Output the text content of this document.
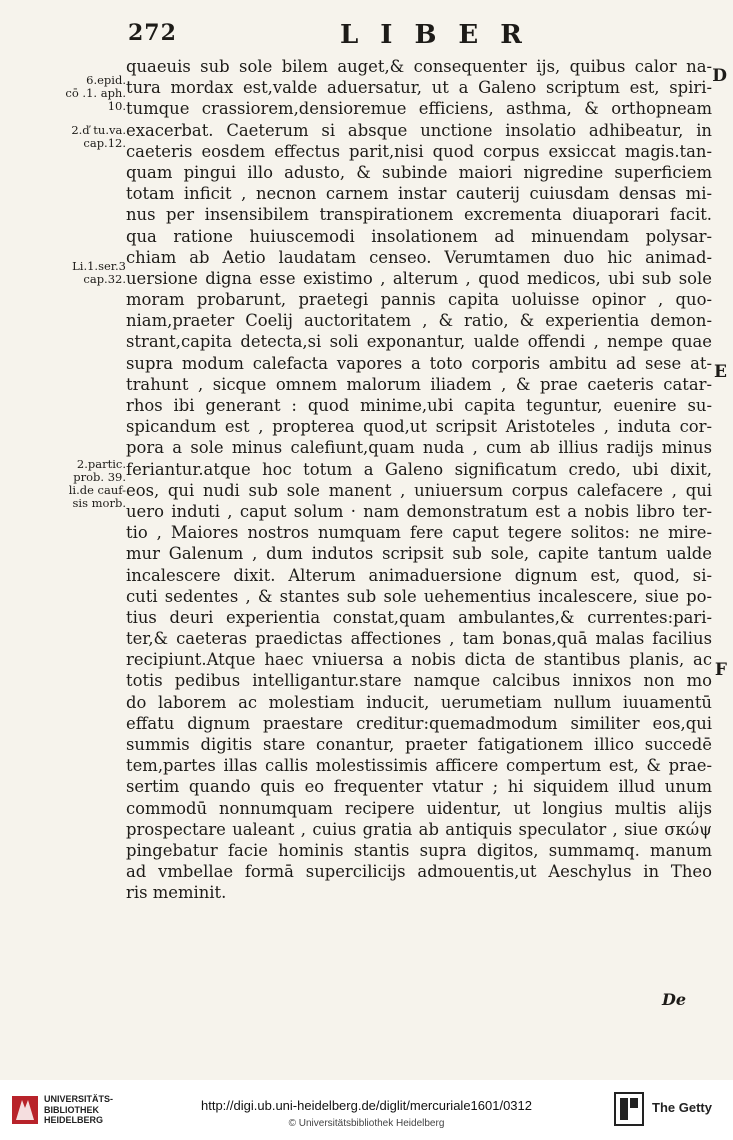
272	LIBER
6.epid.
cō .1. aph.
10.
2.ď tu.va.
cap.12.
Li.1.ser.3
cap.32.
2.partic.
prob. 39.
li.de cauf-
sis morb.
quaeuis sub sole bilem auget,& consequenter ijs, quibus calor na-
tura mordax est,valde aduersatur, ut a Galeno scriptum est, spiri-
tumque crassiorem,densioremue efficiens, asthma, & orthopneam
exacerbat. Caeterum si absque unctione insolatio adhibeatur, in
caeteris eosdem effectus parit,nisi quod corpus exsiccat magis.tan-
quam pingui illo adusto, & subinde maiori nigredine superficiem
totam inficit , necnon carnem instar cauterij cuiusdam densas mi-
nus per insensibilem transpirationem excrementa diuaporari facit.
qua ratione huiuscemodi insolationem ad minuendam polysar-
chiam ab Aetio laudatam censeo. Verumtamen duo hic animad-
uersione digna esse existimo , alterum , quod medicos, ubi sub sole
moram probarunt, praetegi pannis capita uoluisse opinor , quo-
niam,praeter Coelij auctoritatem , & ratio, & experientia demon-
strant,capita detecta,si soli exponantur, ualde offendi , nempe quae
supra modum calefacta vapores a toto corporis ambitu ad sese at-
trahunt , sicque omnem malorum iliadem , & prae caeteris catar-
rhos ibi generant : quod minime,ubi capita teguntur, euenire su-
spicandum est , propterea quod,ut scripsit Aristoteles , induta cor-
pora a sole minus calefiunt,quam nuda , cum ab illius radijs minus
feriantur.atque hoc totum a Galeno significatum credo, ubi dixit,
eos, qui nudi sub sole manent , uniuersum corpus calefacere , qui
uero induti , caput solum · nam demonstratum est a nobis libro ter-
tio , Maiores nostros numquam fere caput tegere solitos: ne mire-
mur Galenum , dum indutos scripsit sub sole, capite tantum ualde
incalescere dixit. Alterum animaduersione dignum est, quod, si-
cuti sedentes , & stantes sub sole uehementius incalescere, siue po-
tius deuri experientia constat,quam ambulantes,& currentes:pari-
ter,& caeteras praedictas affectiones , tam bonas,quā malas facilius
recipiunt.Atque haec vniuersa a nobis dicta de stantibus planis, ac
totis pedibus intelligantur.stare namque calcibus innixos non mo
do laborem ac molestiam inducit, uerumetiam nullum iuuamentū
effatu dignum praestare creditur:quemadmodum similiter eos,qui
summis digitis stare conantur, praeter fatigationem illico succedē
tem,partes illas callis molestissimis afficere compertum est, & prae-
sertim quando quis eo frequenter vtatur ; hi siquidem illud unum
commodū nonnumquam recipere uidentur, ut longius multis alijs
prospectare ualeant , cuius gratia ab antiquis speculator , siue σκώψ
pingebatur facie hominis stantis supra digitos, summamq. manum
ad vmbellae formā supercilicijs admouentis,ut Aeschylus in Theo
ris meminit.
D
E
F
De
UNIVERSITÄTS-
BIBLIOTHEK
HEIDELBERG
http://digi.ub.uni-heidelberg.de/diglit/mercuriale1601/0312
© Universitätsbibliothek Heidelberg
The Getty
